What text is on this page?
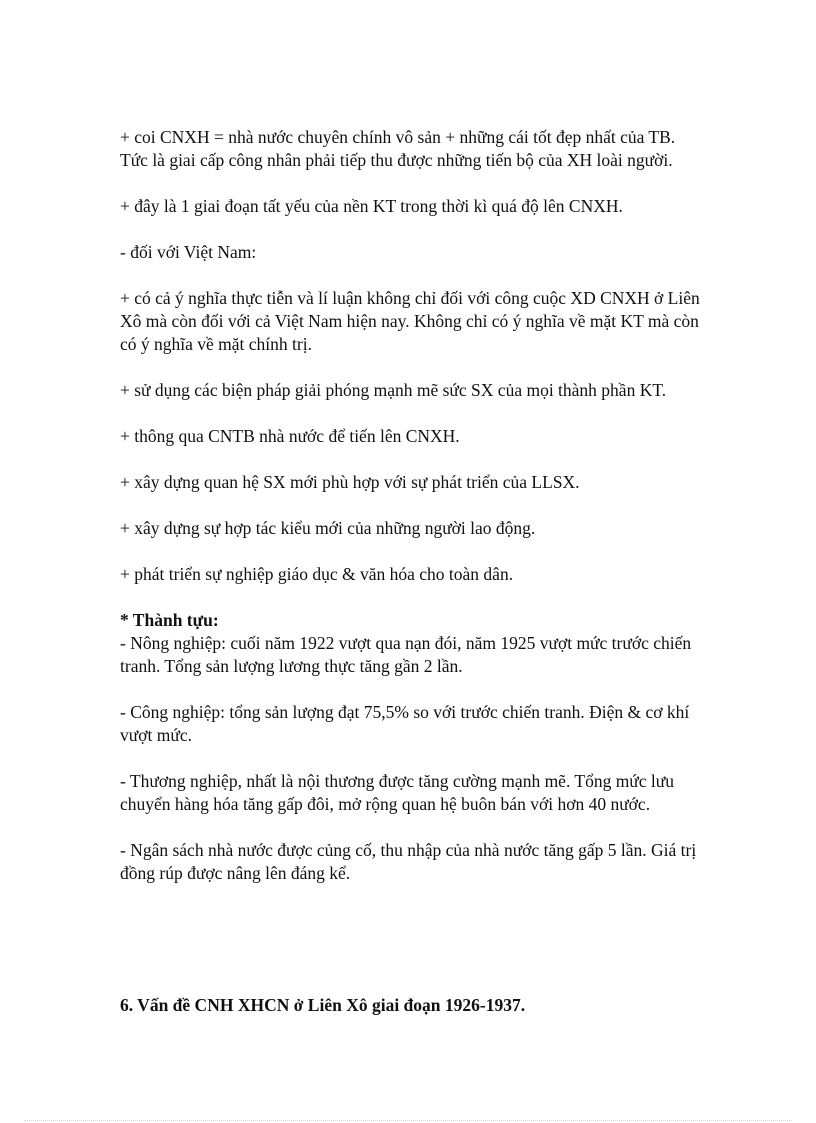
+ coi CNXH = nhà nước chuyên chính vô sản + những cái tốt đẹp nhất của TB. Tức là giai cấp công nhân phải tiếp thu được những tiến bộ của XH loài người.

+ đây là 1 giai đoạn tất yếu của nền KT trong thời kì quá độ lên CNXH.

- đối với Việt Nam:

+ có cả ý nghĩa thực tiễn và lí luận không chỉ đối với công cuộc XD CNXH ở Liên Xô mà còn đối với cả Việt Nam hiện nay. Không chỉ có ý nghĩa về mặt KT mà còn có ý nghĩa về mặt chính trị.

+ sử dụng các biện pháp giải phóng mạnh mẽ sức SX của mọi thành phần KT.

+ thông qua CNTB nhà nước để tiến lên CNXH.

+ xây dựng quan hệ SX mới phù hợp với sự phát triển của LLSX.

+ xây dựng sự hợp tác kiểu mới của những người lao động.

+ phát triển sự nghiệp giáo dục & văn hóa cho toàn dân.

* Thành tựu:

- Nông nghiệp: cuối năm 1922 vượt qua nạn đói, năm 1925 vượt mức trước chiến tranh. Tổng sản lượng lương thực tăng gần 2 lần.

- Công nghiệp: tổng sản lượng đạt 75,5% so với trước chiến tranh. Điện & cơ khí vượt mức.

- Thương nghiệp, nhất là nội thương được tăng cường mạnh mẽ. Tổng mức lưu chuyển hàng hóa tăng gấp đôi, mở rộng quan hệ buôn bán với hơn 40 nước.

- Ngân sách nhà nước được củng cố, thu nhập của nhà nước tăng gấp 5 lần. Giá trị đồng rúp được nâng lên đáng kể.

6. Vấn đề CNH XHCN ở Liên Xô giai đoạn 1926-1937.
